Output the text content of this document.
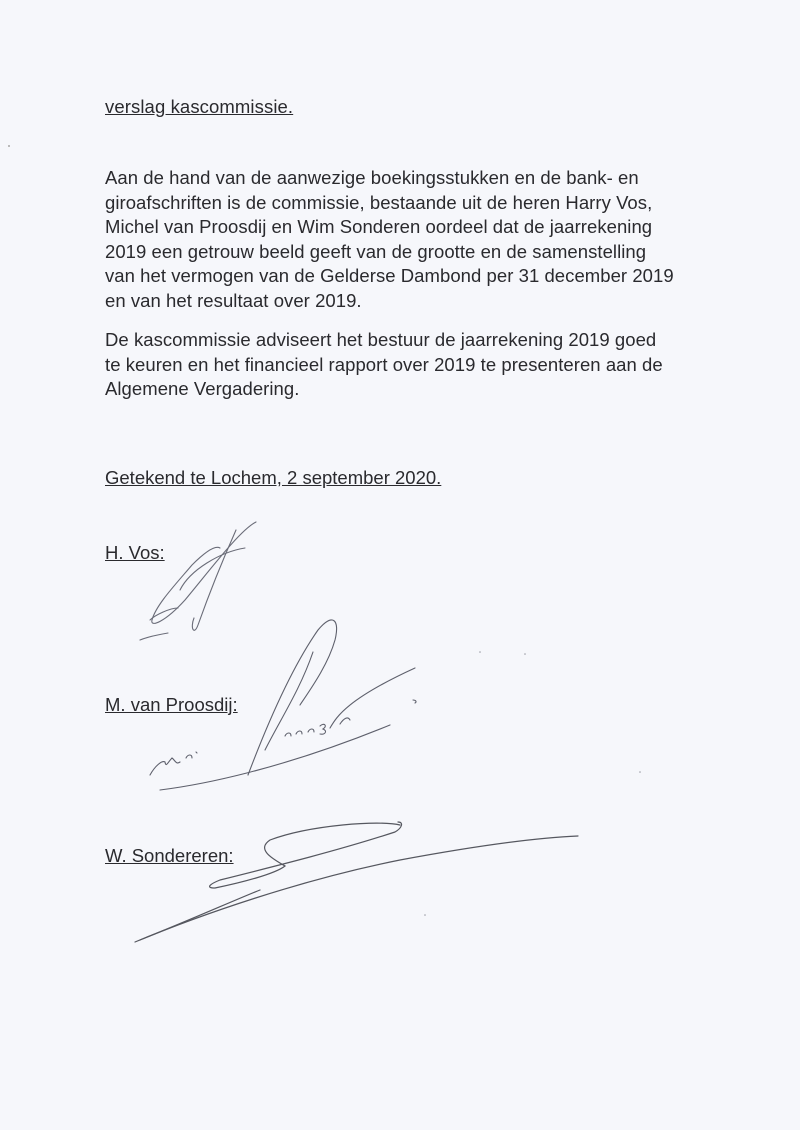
verslag kascommissie.
Aan de hand van de aanwezige boekingsstukken en de bank- en
giroafschriften is de commissie, bestaande uit de heren Harry Vos,
Michel van Proosdij en Wim Sonderen oordeel dat de jaarrekening
2019 een getrouw beeld geeft van de grootte en de samenstelling
van het vermogen van de Gelderse Dambond per 31 december 2019
en van het resultaat over 2019.
De kascommissie adviseert het bestuur de jaarrekening 2019 goed
te keuren en het financieel rapport over 2019 te presenteren aan de
Algemene Vergadering.
Getekend te Lochem, 2 september 2020.
H. Vos:
M. van Proosdij:
W. Sondereren:
